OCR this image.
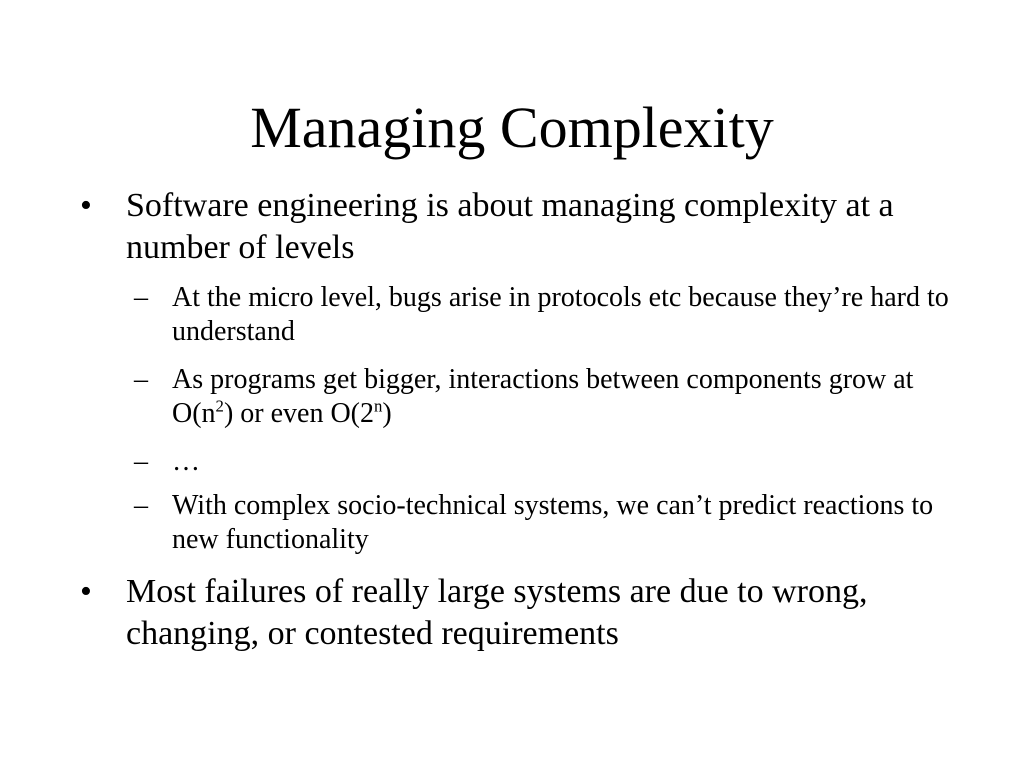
Managing Complexity
•	Software engineering is about managing complexity at a number of levels
– At the micro level, bugs arise in protocols etc because they’re hard to understand
– As programs get bigger, interactions between components grow at $O(n^2)$ or even O(2$^n$)
– …
– With complex socio-technical systems, we can’t predict reactions to new functionality
•	Most failures of really large systems are due to wrong, changing, or contested requirements
